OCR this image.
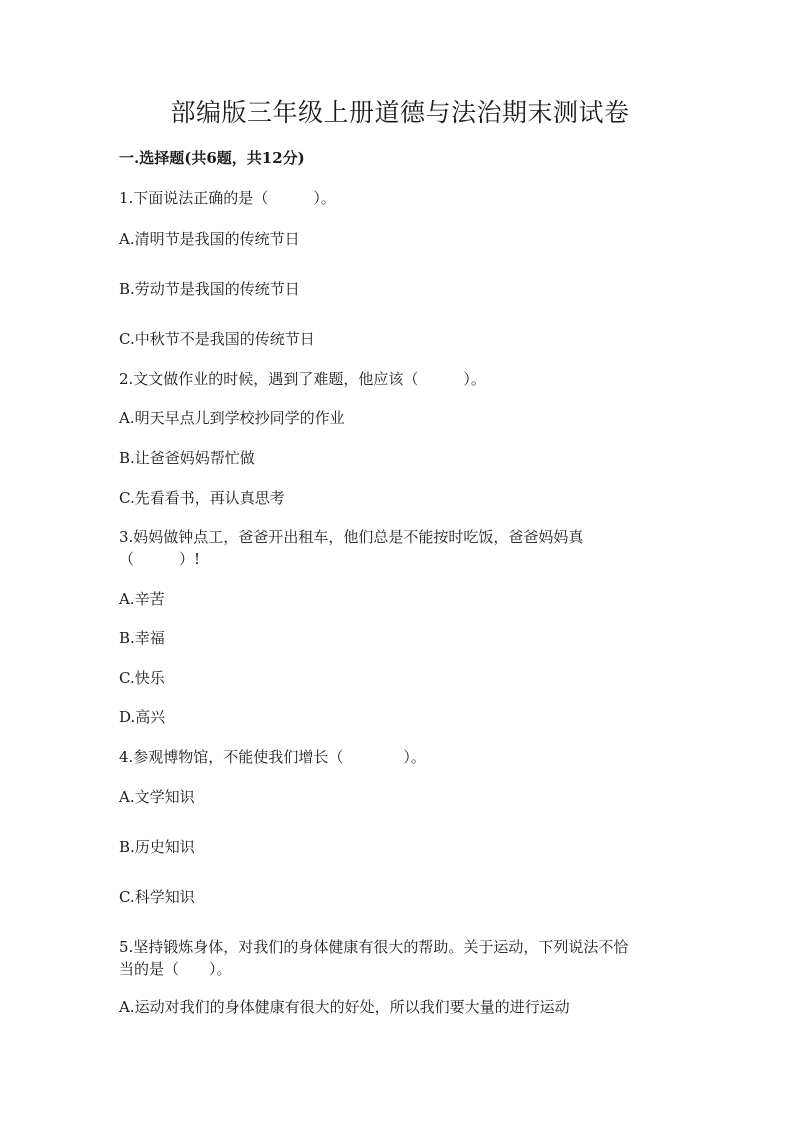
部编版三年级上册道德与法治期末测试卷
一.选择题(共6题，共12分)
1.下面说法正确的是（　　　）。
A.清明节是我国的传统节日
B.劳动节是我国的传统节日
C.中秋节不是我国的传统节日
2.文文做作业的时候，遇到了难题，他应该（　　　）。
A.明天早点儿到学校抄同学的作业
B.让爸爸妈妈帮忙做
C.先看看书，再认真思考
3.妈妈做钟点工，爸爸开出租车，他们总是不能按时吃饭，爸爸妈妈真
（　　　）!
A.辛苦
B.幸福
C.快乐
D.高兴
4.参观博物馆，不能使我们增长（　　　　）。
A.文学知识
B.历史知识
C.科学知识
5.坚持锻炼身体，对我们的身体健康有很大的帮助。关于运动，下列说法不恰
当的是（　　）。
A.运动对我们的身体健康有很大的好处，所以我们要大量的进行运动
